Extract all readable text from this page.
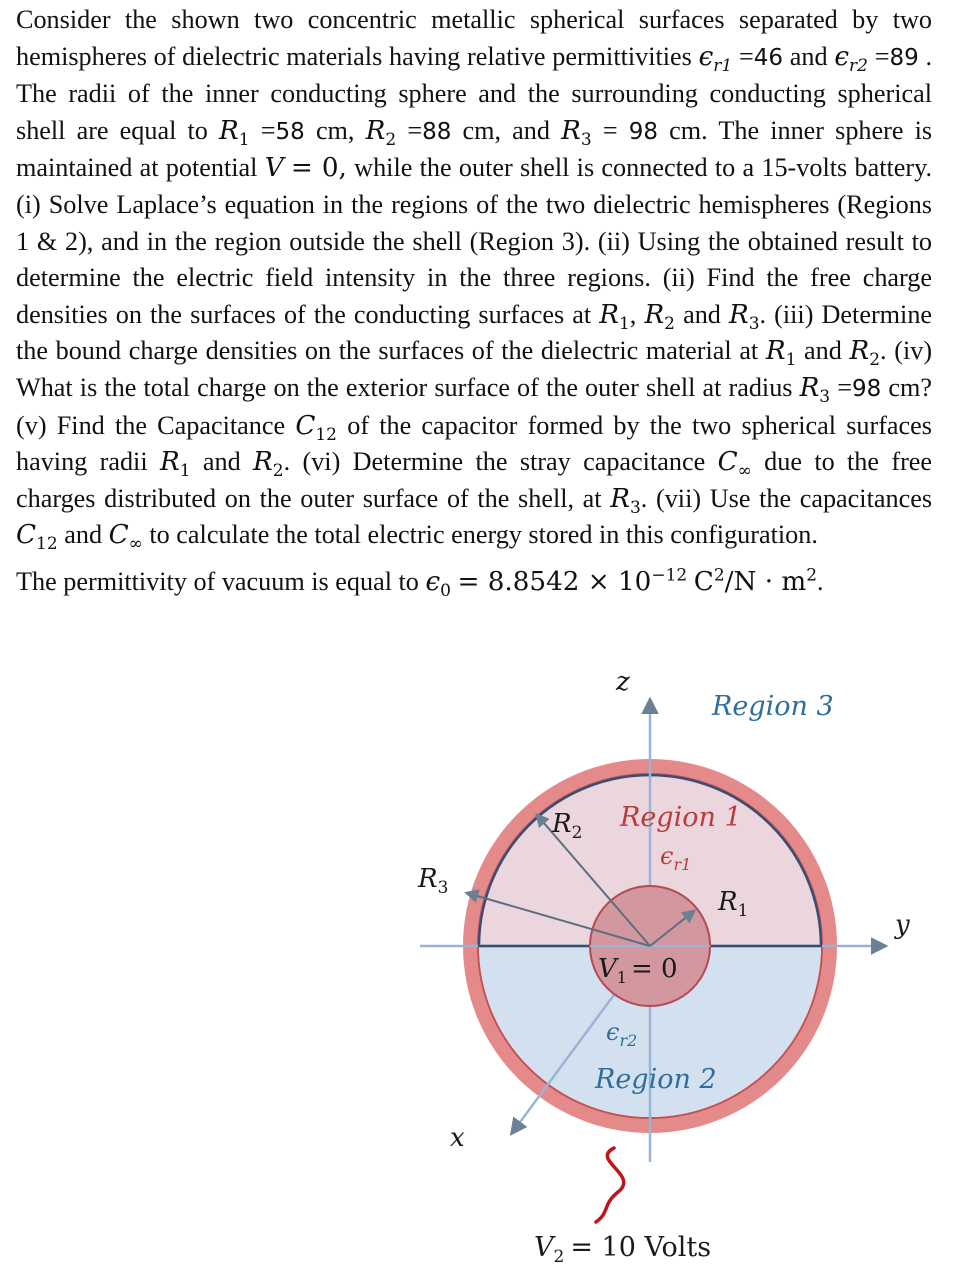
Consider the shown two concentric metallic spherical surfaces separated by two hemispheres of dielectric materials having relative permittivities $\epsilon_{r1} =46$ and $\epsilon_{r2} =89$ . The radii of the inner conducting sphere and the surrounding conducting spherical shell are equal to $R_1 =58$ cm, $R_2 =88$ cm, and $R_3 = 98$ cm. The inner sphere is maintained at potential V = 0, while the outer shell is connected to a 15-volts battery. (i) Solve Laplace’s equation in the regions of the two dielectric hemispheres (Regions 1 & 2), and in the region outside the shell (Region 3). (ii) Using the obtained result to determine the electric field intensity in the three regions. (ii) Find the free charge densities on the surfaces of the conducting surfaces at $R_1$, $R_2$ and $R_3$. (iii) Determine the bound charge densities on the surfaces of the dielectric material at $R_1$ and $R_2$. (iv) What is the total charge on the exterior surface of the outer shell at radius $R_3 =98$ cm? (v) Find the Capacitance $C_{12}$ of the capacitor formed by the two spherical surfaces having radii $R_1$ and $R_2$. (vi) Determine the stray capacitance $C_\infty$ due to the free charges distributed on the outer surface of the shell, at $R_3$. (vii) Use the capacitances $C_{12}$ and $C_\infty$ to calculate the total electric energy stored in this configuration.
The permittivity of vacuum is equal to $\epsilon_0 = 8.8542 \times 10^{-12}$ $C^2/N \cdot m^2$.
z
Region 3
Region 1
$\epsilon_{r1}$
$R_2$
$R_3$	$R_1$	y
$V_1 = 0$
$\epsilon_{r2}$
Region 2
x
$V_2 = 10$ Volts
